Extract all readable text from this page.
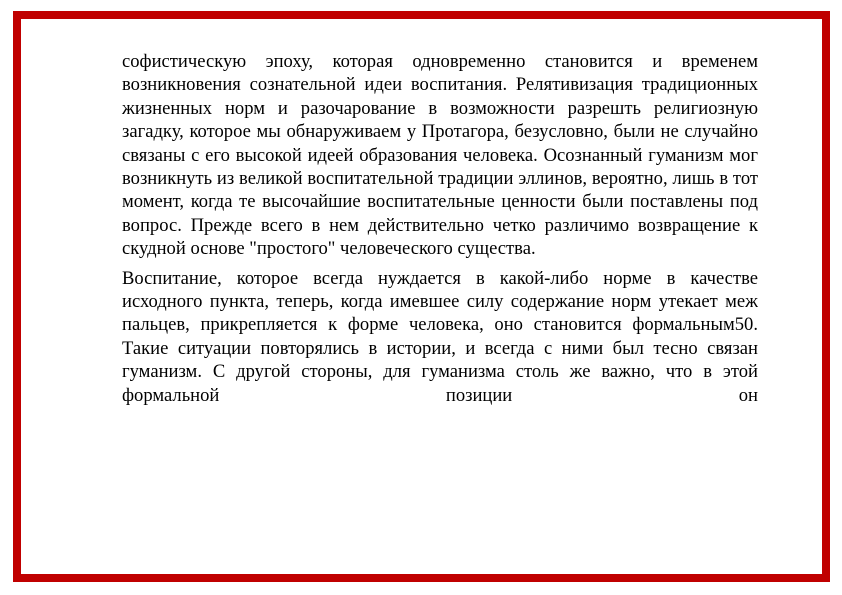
софистическую эпоху, которая одновременно становится и временем возникновения сознательной идеи воспитания. Релятивизация традиционных жизненных норм и разочарование в возможности разрешть религиозную загадку, которое мы обнаруживаем у Протагора, безусловно, были не случайно связаны с его высокой идеей образования человека. Осознанный гуманизм мог возникнуть из великой воспитательной традиции эллинов, вероятно, лишь в тот момент, когда те высочайшие воспитательные ценности были поставлены под вопрос. Прежде всего в нем действительно четко различимо возвращение к скудной основе "простого" человеческого существа.

Воспитание, которое всегда нуждается в какой-либо норме в качестве исходного пункта, теперь, когда имевшее силу содержание норм утекает меж пальцев, прикрепляется к форме человека, оно становится формальным50. Такие ситуации повторялись в истории, и всегда с ними был тесно связан гуманизм. С другой стороны, для гуманизма столь же важно, что в этой формальной позиции он
